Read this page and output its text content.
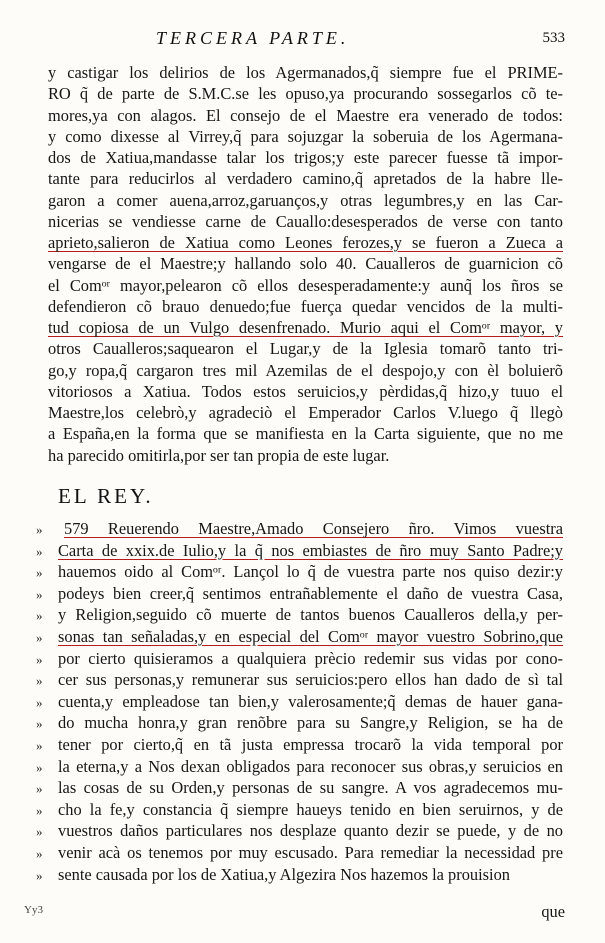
TERCERA PARTE.	533
y castigar los delirios de los Agermanados,q̃ siempre fue el PRIME-
RO q̃ de parte de S.M.C.se les opuso,ya procurando sossegarlos cõ te-
mores,ya con alagos. El consejo de el Maestre era venerado de todos:
y como dixesse al Virrey,q̃ para sojuzgar la soberuia de los Agermana-
dos de Xatiua,mandasse talar los trigos;y este parecer fuesse tã impor-
tante para reducirlos al verdadero camino,q̃ apretados de la habre lle-
garon a comer auena,arroz,garuanços,y otras legumbres,y en las Car-
nicerias se vendiesse carne de Cauallo:desesperados de verse con tanto
aprieto,salieron de Xatiua como Leones ferozes,y se fueron a Zueca a
vengarse de el Maestre;y hallando solo 40. Caualleros de guarnicion cõ
el Comᵒʳ mayor,pelearon cõ ellos desesperadamente:y aunq̃ los ñros se
defendieron cõ brauo denuedo;fue fuerça quedar vencidos de la multi-
tud copiosa de un Vulgo desenfrenado. Murio aqui el Comᵒʳ mayor, y
otros Caualleros;saquearon el Lugar,y de la Iglesia tomarõ tanto tri-
go,y ropa,q̃ cargaron tres mil Azemilas de el despojo,y con èl boluierõ
vitoriosos a Xatiua. Todos estos seruicios,y pèrdidas,q̃ hizo,y tuuo el
Maestre,los celebrò,y agradeciò el Emperador Carlos V.luego q̃ llegò
a España,en la forma que se manifiesta en la Carta siguiente, que no me
ha parecido omitirla,por ser tan propia de este lugar.
EL REY.
»	579 Reuerendo Maestre,Amado Consejero ñro. Vimos vuestra
» Carta de xxix.de Iulio,y la q̃ nos embiastes de ñro muy Santo Padre;y
» hauemos oido al Comᵒʳ. Lançol lo q̃ de vuestra parte nos quiso dezir:y
» podeys bien creer,q̃ sentimos entrañablemente el daño de vuestra Casa,
» y Religion,seguido cõ muerte de tantos buenos Caualleros della,y per-
» sonas tan señaladas,y en especial del Comᵒʳ mayor vuestro Sobrino,que
» por cierto quisieramos a qualquiera prècio redemir sus vidas por cono-
» cer sus personas,y remunerar sus seruicios:pero ellos han dado de sì tal
» cuenta,y empleadose tan bien,y valerosamente;q̃ demas de hauer gana-
» do mucha honra,y gran renõbre para su Sangre,y Religion, se ha de
» tener por cierto,q̃ en tã justa empressa trocarõ la vida temporal por
» la eterna,y a Nos dexan obligados para reconocer sus obras,y seruicios en
» las cosas de su Orden,y personas de su sangre. A vos agradecemos mu-
» cho la fe,y constancia q̃ siempre haueys tenido en bien seruirnos, y de
» vuestros daños particulares nos desplaze quanto dezir se puede, y de no
» venir acà os tenemos por muy escusado. Para remediar la necessidad pre
» sente causada por los de Xatiua,y Algezira Nos hazemos la prouision
Yy3	que
